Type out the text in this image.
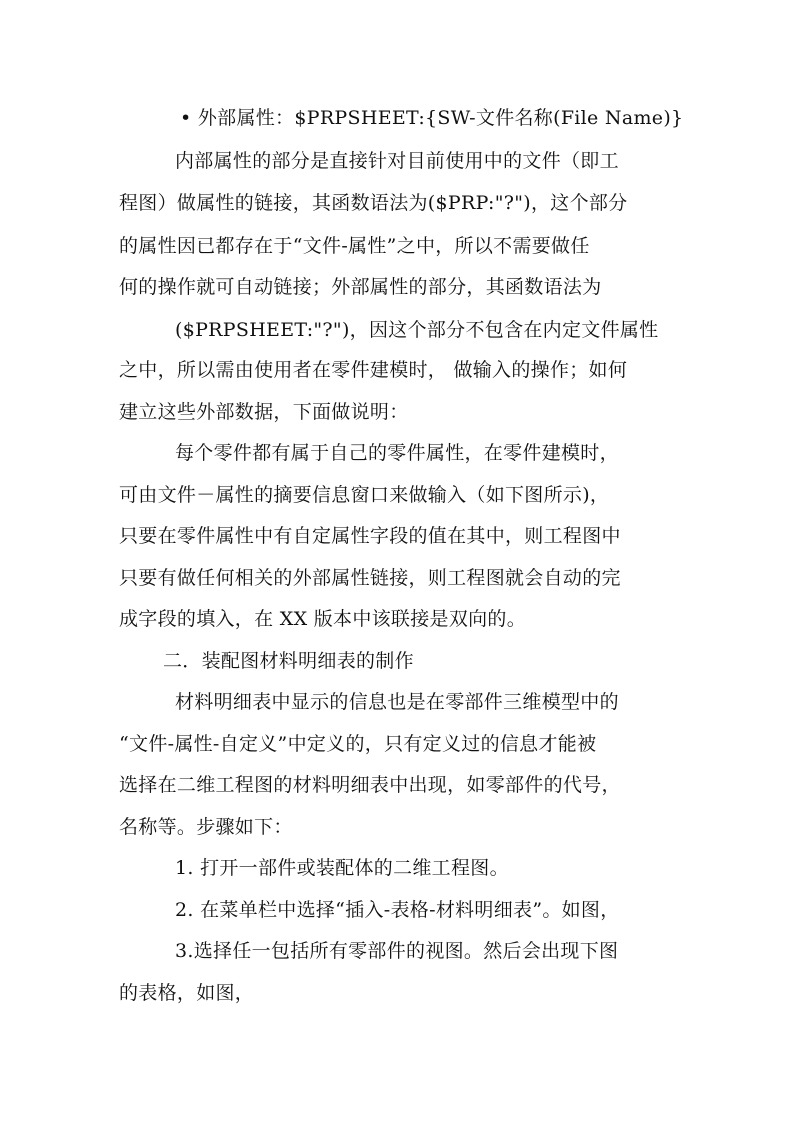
• 外部属性：$PRPSHEET:{SW-文件名称(File Name)}

内部属性的部分是直接针对目前使用中的文件（即工

程图）做属性的链接，其函数语法为($PRP:"?")，这个部分

的属性因已都存在于“文件-属性”之中，所以不需要做任

何的操作就可自动链接；外部属性的部分，其函数语法为

($PRPSHEET:"?")，因这个部分不包含在内定文件属性

之中，所以需由使用者在零件建模时， 做输入的操作；如何

建立这些外部数据，下面做说明：

每个零件都有属于自己的零件属性，在零件建模时，

可由文件－属性的摘要信息窗口来做输入（如下图所示)，

只要在零件属性中有自定属性字段的值在其中，则工程图中

只要有做任何相关的外部属性链接，则工程图就会自动的完

成字段的填入，在 XX 版本中该联接是双向的。

二．装配图材料明细表的制作

材料明细表中显示的信息也是在零部件三维模型中的

“文件-属性-自定义”中定义的，只有定义过的信息才能被

选择在二维工程图的材料明细表中出现，如零部件的代号，

名称等。步骤如下：

1. 打开一部件或装配体的二维工程图。

2. 在菜单栏中选择“插入-表格-材料明细表”。如图，

3.选择任一包括所有零部件的视图。然后会出现下图

的表格，如图，
